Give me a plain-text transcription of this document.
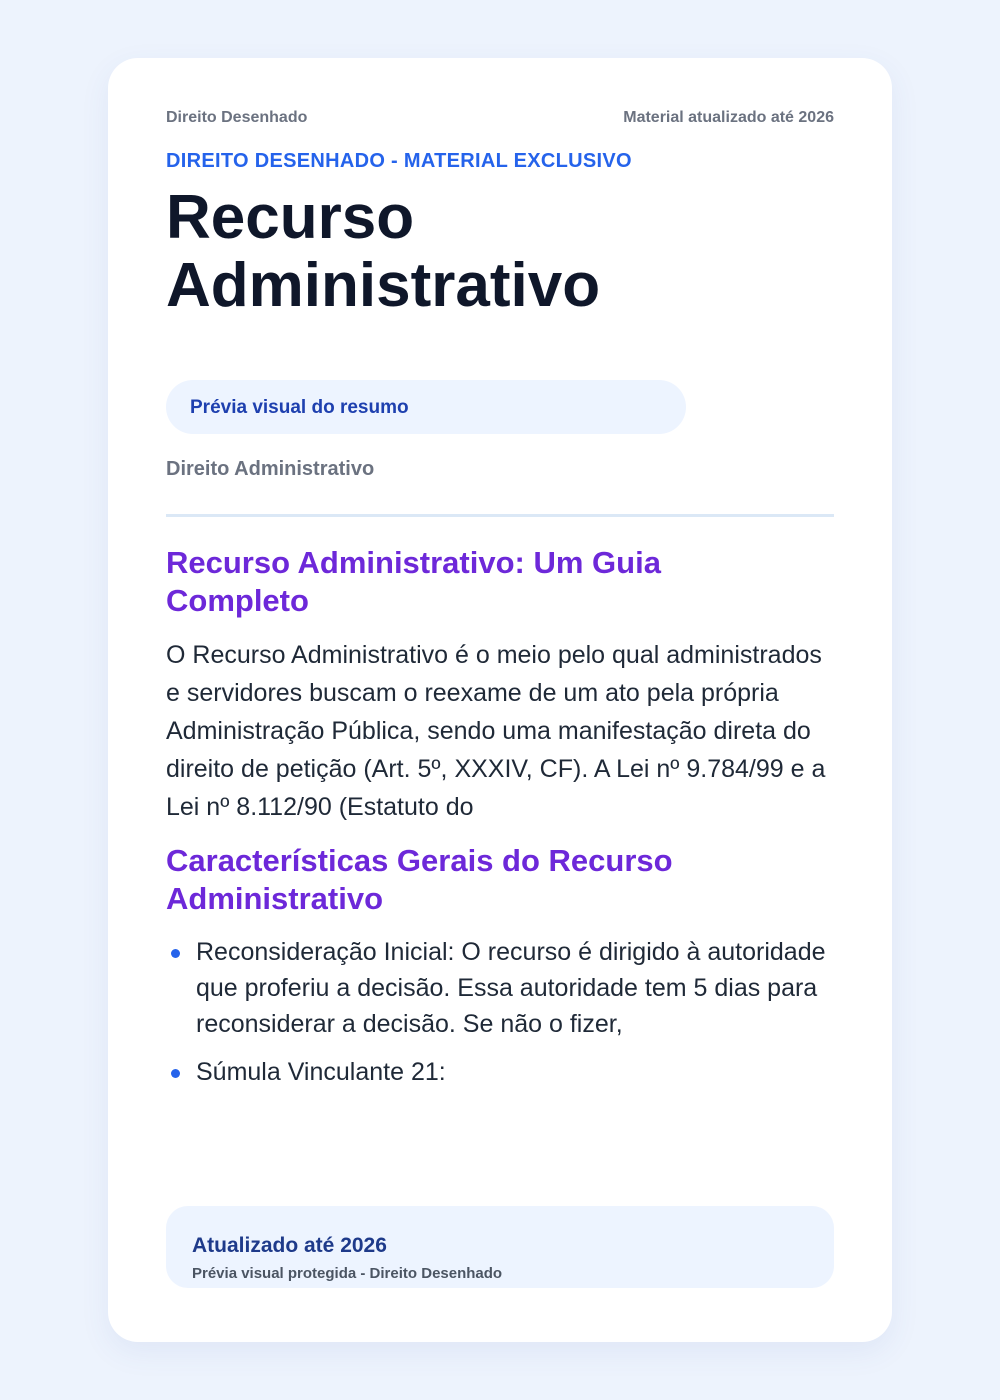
Direito Desenhado	Material atualizado até 2026
DIREITO DESENHADO - MATERIAL EXCLUSIVO
Recurso Administrativo
Prévia visual do resumo
Direito Administrativo
Recurso Administrativo: Um Guia Completo

O Recurso Administrativo é o meio pelo qual administrados e servidores buscam o reexame de um ato pela própria Administração Pública, sendo uma manifestação direta do direito de petição (Art. 5º, XXXIV, CF). A Lei nº 9.784/99 e a Lei nº 8.112/90 (Estatuto do

Características Gerais do Recurso Administrativo
Reconsideração Inicial: O recurso é dirigido à autoridade que proferiu a decisão. Essa autoridade tem 5 dias para reconsiderar a decisão. Se não o fizer,
Súmula Vinculante 21:
Atualizado até 2026
Prévia visual protegida - Direito Desenhado
